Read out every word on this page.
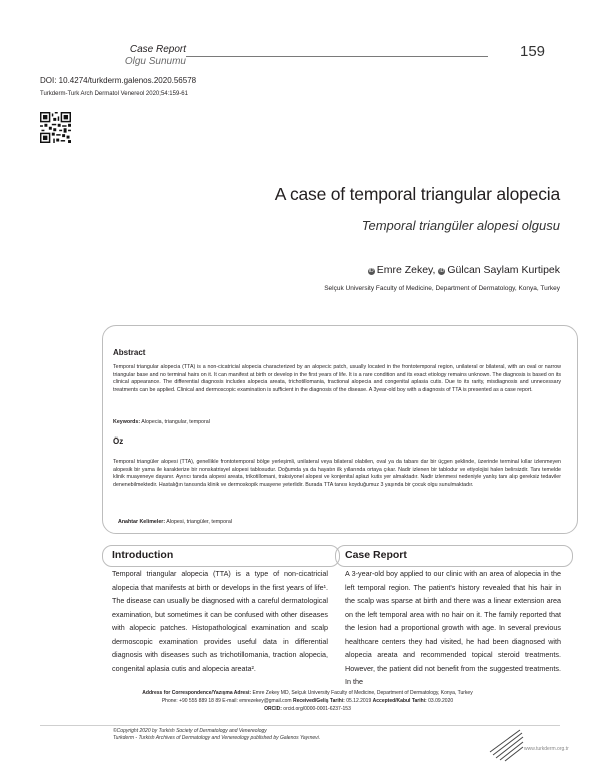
Case Report
Olgu Sunumu
159
DOI: 10.4274/turkderm.galenos.2020.56578
Turkderm-Turk Arch Dermatol Venereol 2020;54:159-61
A case of temporal triangular alopecia
Temporal triangüler alopesi olgusu
iD Emre Zekey, iD Gülcan Saylam Kurtipek
Selçuk University Faculty of Medicine, Department of Dermatology, Konya, Turkey
Abstract
Temporal triangular alopecia (TTA) is a non-cicatricial alopecia characterized by an alopecic patch, usually located in the frontotemporal region, unilateral or bilateral, with an oval or narrow triangular base and no terminal hairs on it. It can manifest at birth or develop in the first years of life. It is a rare condition and its exact etiology remains unknown. The diagnosis is based on its clinical appearance. The differential diagnosis includes alopecia areata, trichotillomania, tractional alopecia and congenital aplasia cutis. Due to its rarity, misdiagnosis and unnecessary treatments can be applied. Clinical and dermoscopic examination is sufficient in the diagnosis of the disease. A 3year-old boy with a diagnosis of TTA is presented as a case report.
Keywords: Alopecia, triangular, temporal
Öz
Temporal triangüler alopesi (TTA), genellikle frontotemporal bölge yerleşimli, unilateral veya bilateral olabilen, oval ya da tabanı dar bir üçgen şeklinde, üzerinde terminal kıllar izlenmeyen alopesik bir yama ile karakterize bir nonskatrisyel alopesi tablosudur. Doğumda ya da hayatın ilk yıllarında ortaya çıkar. Nadir izlenen bir tablodur ve etiyolojisi halen belirsizdir. Tanı temelde klinik muayeneye dayanır. Ayırıcı tanıda alopesi areata, trikotillomani, traksiyonel alopesi ve konjenital aplazi kutis yer almaktadır. Nadir izlenmesi nedeniyle yanlış tanı alıp gereksiz tedaviler denenebilmektedir. Hastalığın tanısında klinik ve dermoskopik muayene yeterlidir. Burada TTA tanısı koyduğumuz 3 yaşında bir çocuk olgu sunulmaktadır.
Anahtar Kelimeler: Alopesi, triangüler, temporal
Introduction
Temporal triangular alopecia (TTA) is a type of non-cicatricial alopecia that manifests at birth or develops in the first years of life¹. The disease can usually be diagnosed with a careful dermatological examination, but sometimes it can be confused with other diseases with alopecic patches. Histopathological examination and scalp dermoscopic examination provides useful data in differential diagnosis with diseases such as trichotillomania, traction alopecia, congenital aplasia cutis and alopecia areata².
Case Report
A 3-year-old boy applied to our clinic with an area of alopecia in the left temporal region. The patient's history revealed that his hair in the scalp was sparse at birth and there was a linear extension area on the left temporal area with no hair on it. The family reported that the lesion had a proportional growth with age. In several previous healthcare centers they had visited, he had been diagnosed with alopecia areata and recommended topical steroid treatments. However, the patient did not benefit from the suggested treatments. In the
Address for Correspondence/Yazışma Adresi: Emre Zekey MD, Selçuk University Faculty of Medicine, Department of Dermatology, Konya, Turkey
Phone: +90 555 889 18 89 E-mail: emrezekey@gmail.com Received/Geliş Tarihi: 05.12.2019 Accepted/Kabul Tarihi: 03.09.2020
ORCID: orcid.org/0000-0001-6237-153
©Copyright 2020 by Turkish Society of Dermatology and Venereology
Turkderm - Turkish Archives of Dermatology and Venereology published by Galenos Yayınevi.
www.turkderm.org.tr
